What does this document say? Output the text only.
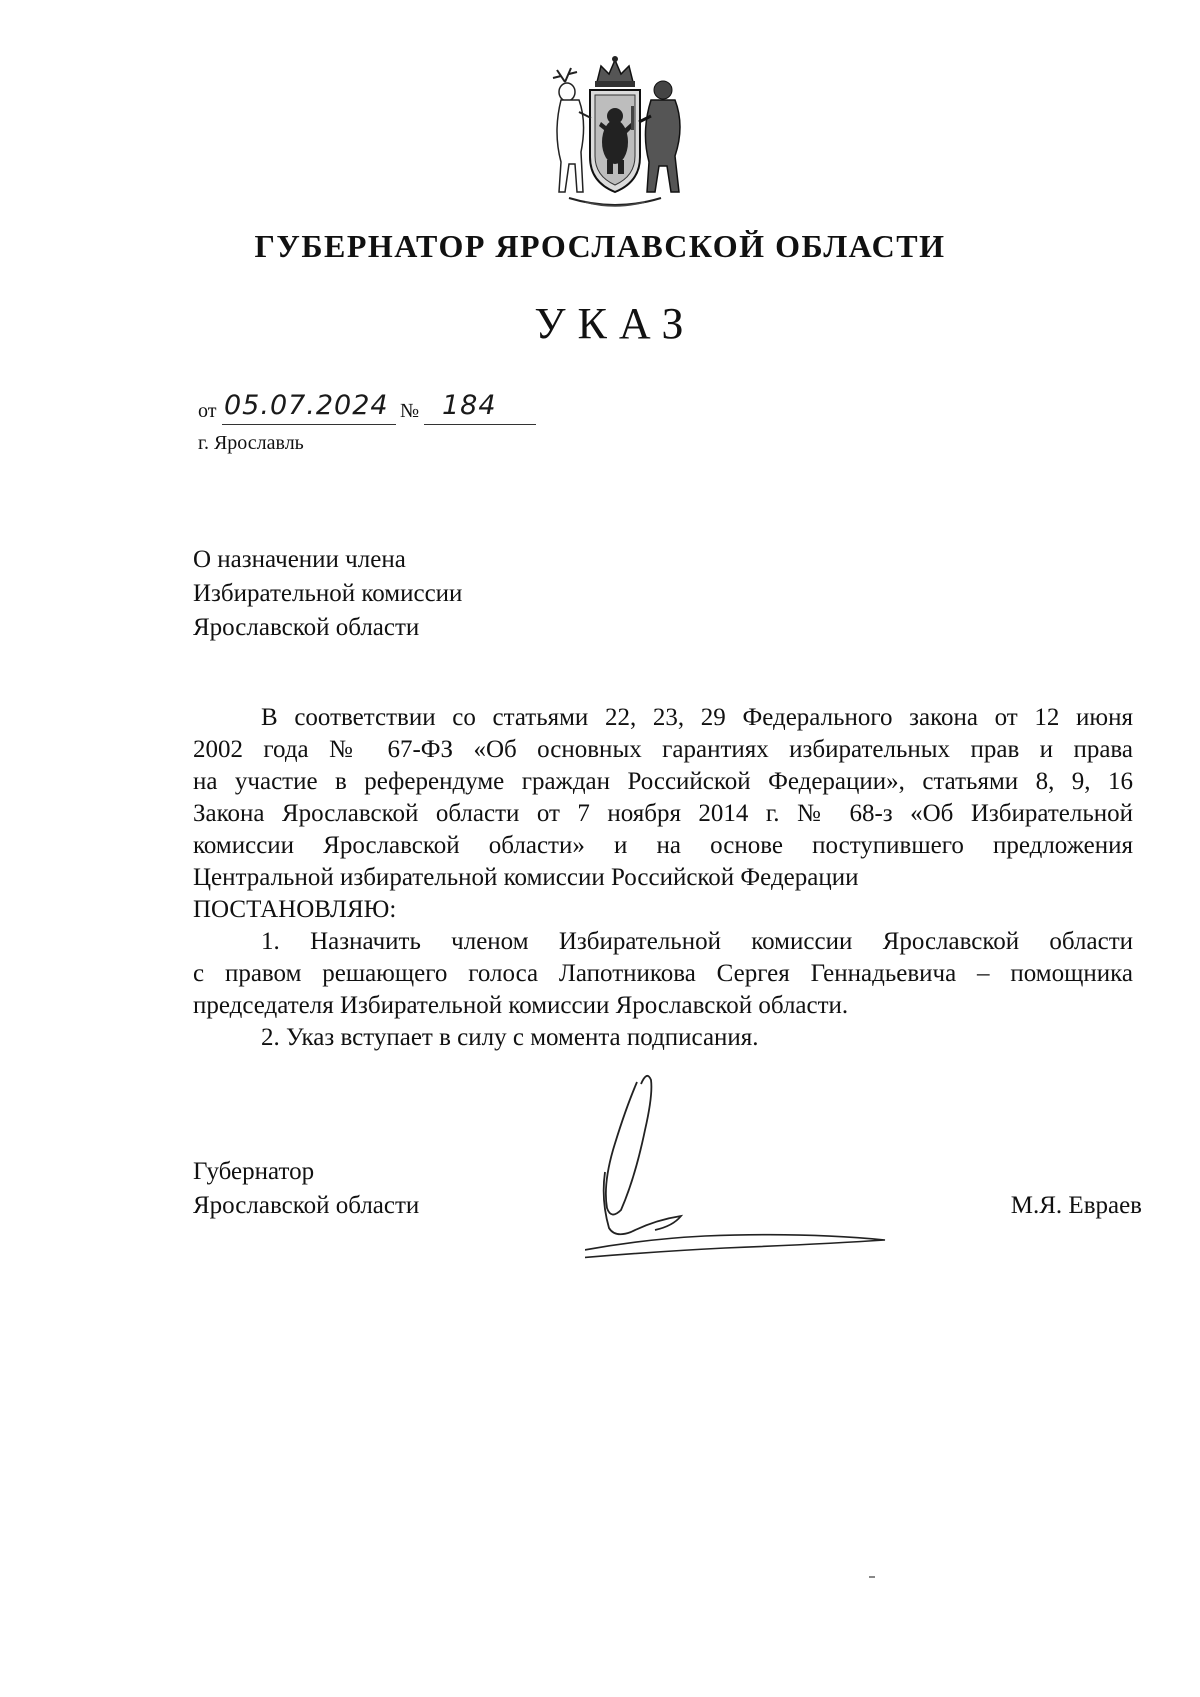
ГУБЕРНАТОР ЯРОСЛАВСКОЙ ОБЛАСТИ
УКАЗ
от 05.07.2024 № 184
г. Ярославль
О назначении члена
Избирательной комиссии
Ярославской области

В соответствии со статьями 22, 23, 29 Федерального закона от 12 июня
2002 года № 67-ФЗ «Об основных гарантиях избирательных прав и права
на участие в референдуме граждан Российской Федерации», статьями 8, 9, 16
Закона Ярославской области от 7 ноября 2014 г. № 68-з «Об Избирательной
комиссии Ярославской области» и на основе поступившего предложения
Центральной избирательной комиссии Российской Федерации

ПОСТАНОВЛЯЮ:

1. Назначить членом Избирательной комиссии Ярославской области
с правом решающего голоса Лапотникова Сергея Геннадьевича – помощника
председателя Избирательной комиссии Ярославской области.

2. Указ вступает в силу с момента подписания.

Губернатор
Ярославской области	М.Я. Евраев
